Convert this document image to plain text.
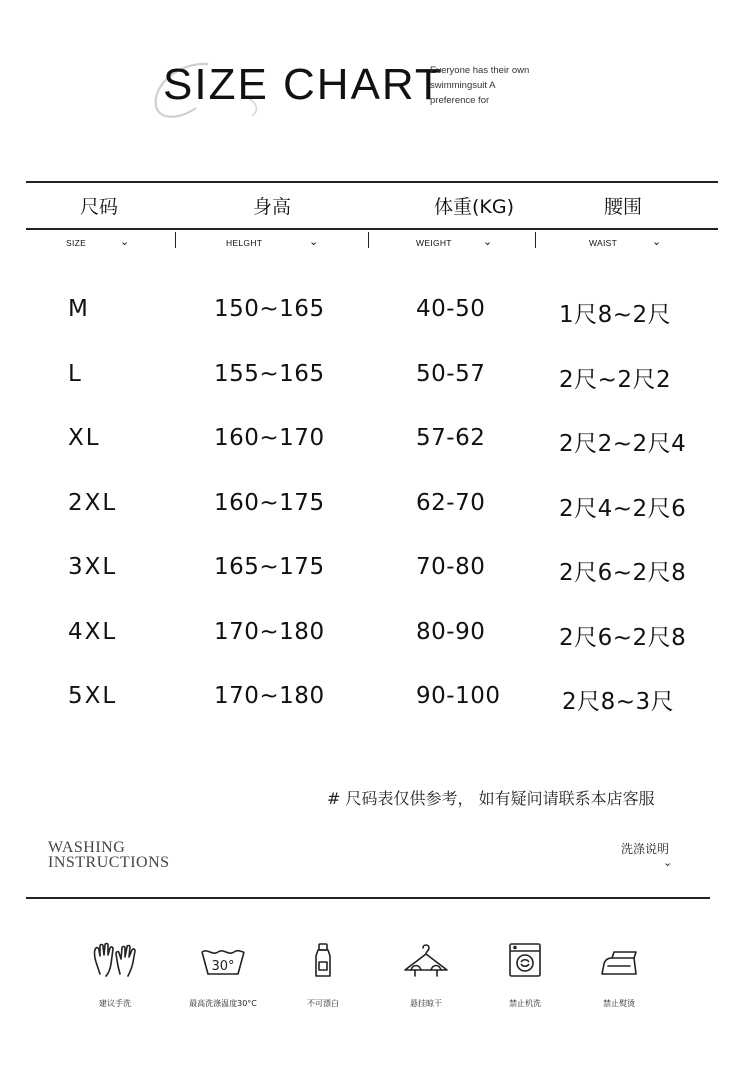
SIZE CHART
Everyone has their own
swimmingsuit A
preference for
尺码	身高	体重(KG)	腰围
SIZE	⌄	HELGHT	⌄	WEIGHT	⌄	WAIST	⌄
M	150~165	40-50	1尺8~2尺
L	155~165	50-57	2尺~2尺2
XL	160~170	57-62	2尺2~2尺4
2XL	160~175	62-70	2尺4~2尺6
3XL	165~175	70-80	2尺6~2尺8
4XL	170~180	80-90	2尺6~2尺8
5XL	170~180	90-100	2尺8~3尺
# 尺码表仅供参考， 如有疑问请联系本店客服
WASHING
INSTRUCTIONS
洗涤说明
⌄
建议手洗
30°
最高洗涤温度30°C	不可漂白	悬挂晾干	禁止机洗	禁止熨烫
